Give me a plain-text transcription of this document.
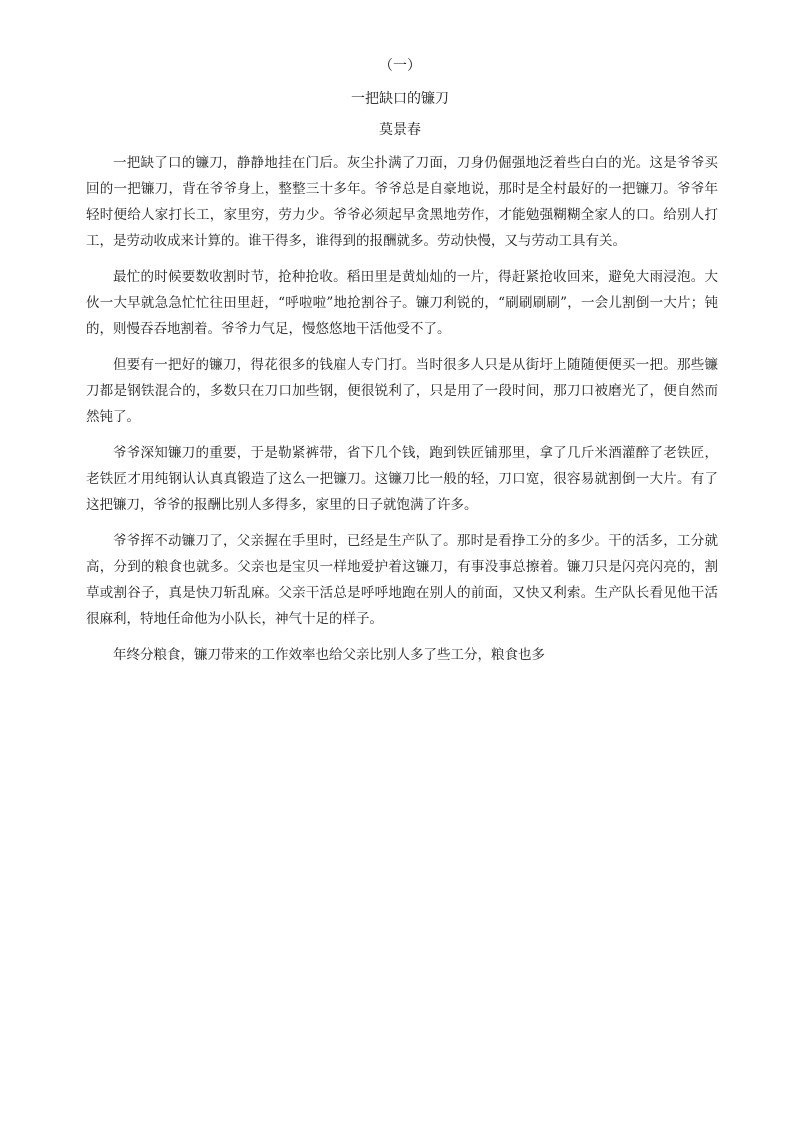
（一）

一把缺口的镰刀

莫景春

一把缺了口的镰刀，静静地挂在门后。灰尘扑满了刀面，刀身仍倔强地泛着些白白的光。这是爷爷买回的一把镰刀，背在爷爷身上，整整三十多年。爷爷总是自豪地说，那时是全村最好的一把镰刀。爷爷年轻时便给人家打长工，家里穷，劳力少。爷爷必须起早贪黑地劳作，才能勉强糊糊全家人的口。给别人打工，是劳动收成来计算的。谁干得多，谁得到的报酬就多。劳动快慢，又与劳动工具有关。

最忙的时候要数收割时节，抢种抢收。稻田里是黄灿灿的一片，得赶紧抢收回来，避免大雨浸泡。大伙一大早就急急忙忙往田里赶，“呼啦啦”地抢割谷子。镰刀利锐的，“刷刷刷刷”，一会儿割倒一大片；钝的，则慢吞吞地割着。爷爷力气足，慢悠悠地干活他受不了。

但要有一把好的镰刀，得花很多的钱雇人专门打。当时很多人只是从街圩上随随便便买一把。那些镰刀都是钢铁混合的，多数只在刀口加些钢，便很锐利了，只是用了一段时间，那刀口被磨光了，便自然而然钝了。

爷爷深知镰刀的重要，于是勒紧裤带，省下几个钱，跑到铁匠铺那里，拿了几斤米酒灌醉了老铁匠，老铁匠才用纯钢认认真真锻造了这么一把镰刀。这镰刀比一般的轻，刀口宽，很容易就割倒一大片。有了这把镰刀，爷爷的报酬比别人多得多，家里的日子就饱满了许多。

爷爷挥不动镰刀了，父亲握在手里时，已经是生产队了。那时是看挣工分的多少。干的活多，工分就高，分到的粮食也就多。父亲也是宝贝一样地爱护着这镰刀，有事没事总擦着。镰刀只是闪亮闪亮的，割草或割谷子，真是快刀斩乱麻。父亲干活总是呼呼地跑在别人的前面，又快又利索。生产队长看见他干活很麻利，特地任命他为小队长，神气十足的样子。

年终分粮食，镰刀带来的工作效率也给父亲比别人多了些工分，粮食也多
